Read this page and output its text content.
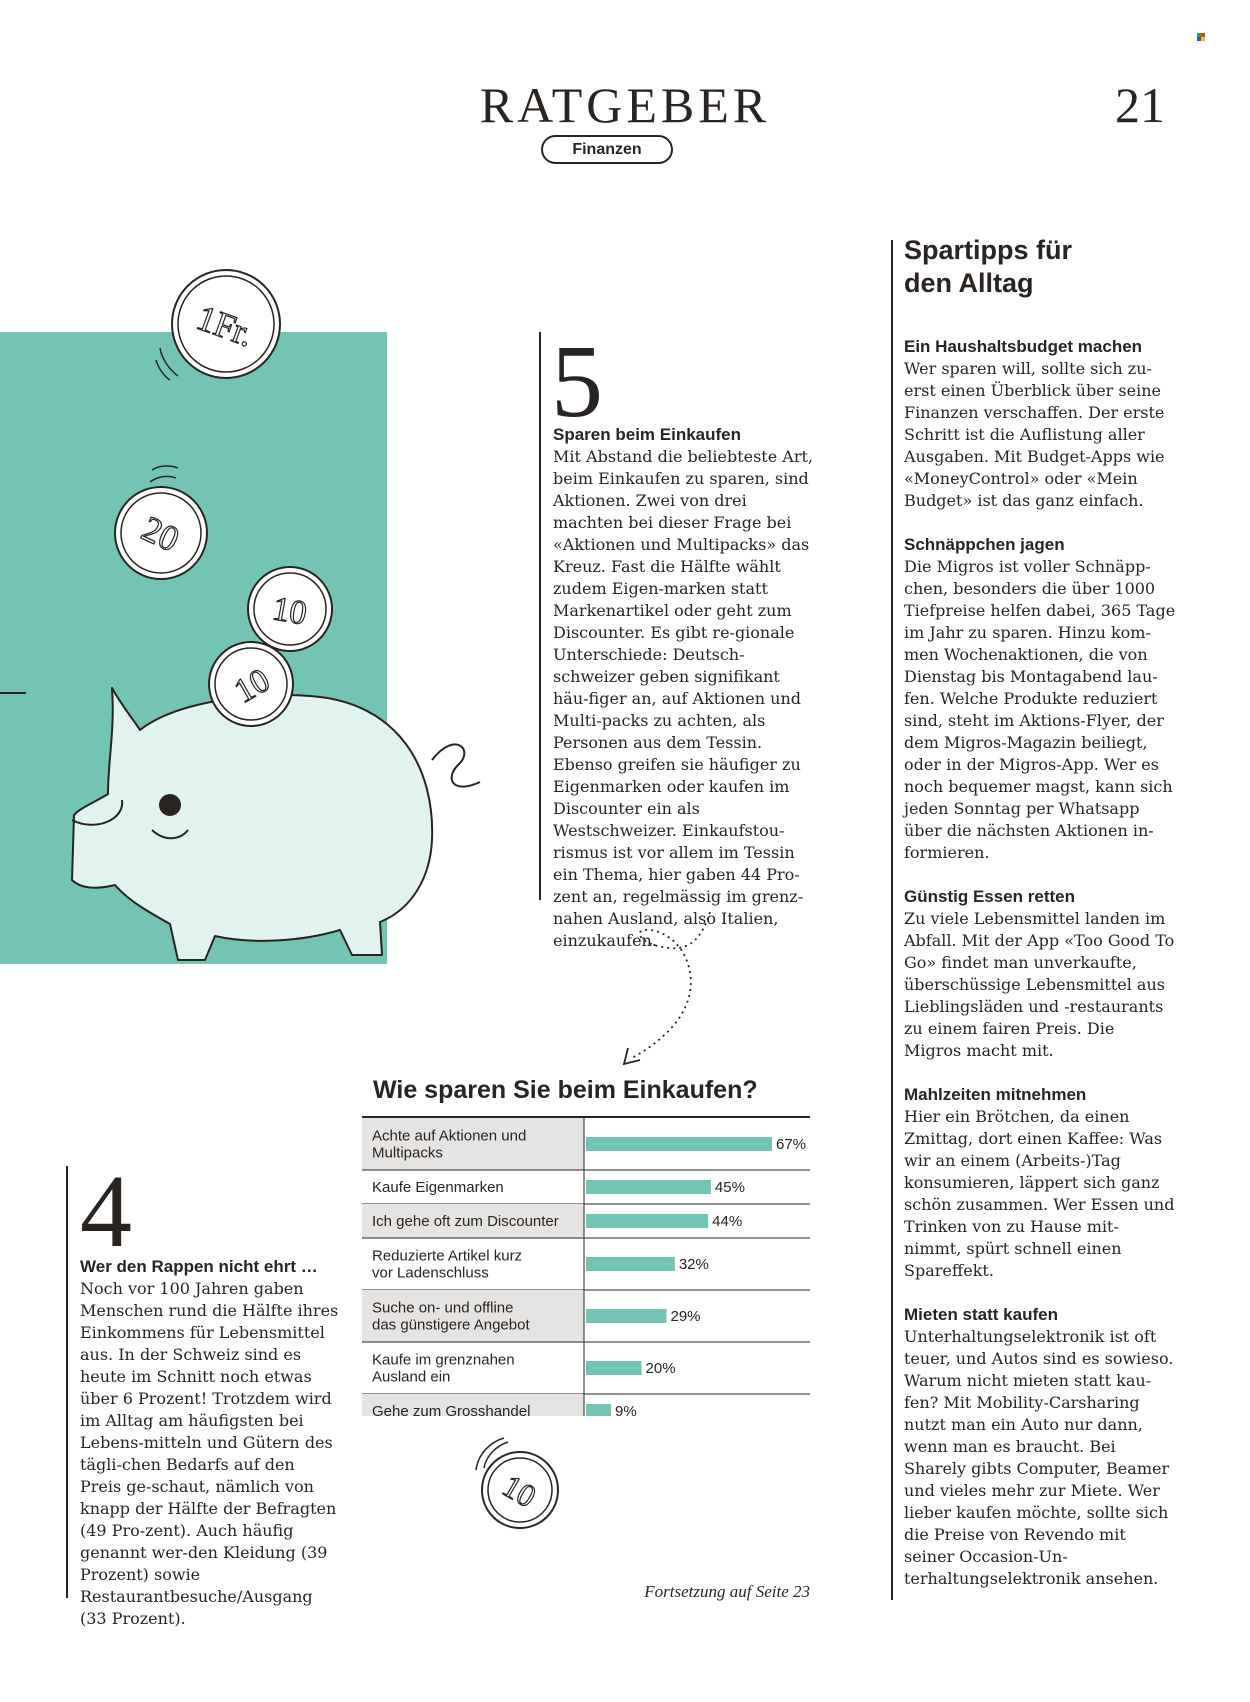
RATGEBER
Finanzen
21
1Fr.
20
10
10
5
Sparen beim Einkaufen
Mit Abstand die beliebteste Art, beim Einkaufen zu sparen, sind Aktionen. Zwei von drei machten bei dieser Frage bei «Aktionen und Multipacks» das Kreuz. Fast die Hälfte wählt zudem Eigen-marken statt Markenartikel oder geht zum Discounter. Es gibt re-gionale Unterschiede: Deutsch-schweizer geben signifikant häu-figer an, auf Aktionen und Multi-packs zu achten, als Personen aus dem Tessin. Ebenso greifen sie häufiger zu Eigenmarken oder kaufen im Discounter ein als Westschweizer. Einkaufstou-rismus ist vor allem im Tessin ein Thema, hier gaben 44 Pro-zent an, regelmässig im grenz-nahen Ausland, also Italien, einzukaufen.
Wie sparen Sie beim Einkaufen?
Achte auf Aktionen und
Multipacks	67%
Kaufe Eigenmarken	45%
Ich gehe oft zum Discounter	44%
Reduzierte Artikel kurz
vor Ladenschluss	32%
Suche on- und offline
das günstigere Angebot	29%
Kaufe im grenznahen
Ausland ein	20%
Gehe zum Grosshandel	9%
4
Wer den Rappen nicht ehrt …
Noch vor 100 Jahren gaben Menschen rund die Hälfte ihres Einkommens für Lebensmittel aus. In der Schweiz sind es heute im Schnitt noch etwas über 6 Prozent! Trotzdem wird im Alltag am häufigsten bei Lebens-mitteln und Gütern des tägli-chen Bedarfs auf den Preis ge-schaut, nämlich von knapp der Hälfte der Befragten (49 Pro-zent). Auch häufig genannt wer-den Kleidung (39 Prozent) sowie Restaurantbesuche/Ausgang (33 Prozent).
10
Fortsetzung auf Seite 23
Spartipps für
den Alltag
Ein Haushaltsbudget machen

Wer sparen will, sollte sich zu-erst einen Überblick über seine Finanzen verschaffen. Der erste Schritt ist die Auflistung aller Ausgaben. Mit Budget-Apps wie «MoneyControl» oder «Mein Budget» ist das ganz einfach.

Schnäppchen jagen

Die Migros ist voller Schnäpp-chen, besonders die über 1000 Tiefpreise helfen dabei, 365 Tage im Jahr zu sparen. Hinzu kom-men Wochenaktionen, die von Dienstag bis Montagabend lau-fen. Welche Produkte reduziert sind, steht im Aktions-Flyer, der dem Migros-Magazin beiliegt, oder in der Migros-App. Wer es noch bequemer magst, kann sich jeden Sonntag per Whatsapp über die nächsten Aktionen in-formieren.

Günstig Essen retten

Zu viele Lebensmittel landen im Abfall. Mit der App «Too Good To Go» findet man unverkaufte, überschüssige Lebensmittel aus Lieblingsläden und -restaurants zu einem fairen Preis. Die Migros macht mit.

Mahlzeiten mitnehmen

Hier ein Brötchen, da einen Zmittag, dort einen Kaffee: Was wir an einem (Arbeits-)Tag konsumieren, läppert sich ganz schön zusammen. Wer Essen und Trinken von zu Hause mit-nimmt, spürt schnell einen Spareffekt.

Mieten statt kaufen

Unterhaltungselektronik ist oft teuer, und Autos sind es sowieso. Warum nicht mieten statt kau-fen? Mit Mobility-Carsharing nutzt man ein Auto nur dann, wenn man es braucht. Bei Sharely gibts Computer, Beamer und vieles mehr zur Miete. Wer lieber kaufen möchte, sollte sich die Preise von Revendo mit seiner Occasion-Un-terhaltungselektronik ansehen.
